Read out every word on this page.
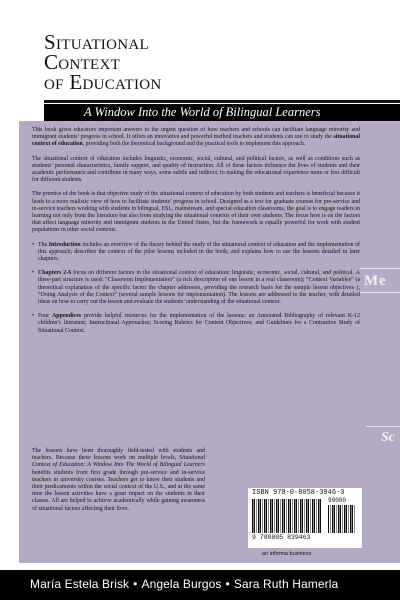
Situational
Context
of Education
A Window Into the World of Bilingual Learners
Me
Sc

This book gives educators important answers to the urgent question of how teachers and schools can facilitate language minority and immigrant students’ progress in school. It offers an innovative and powerful method teachers and students can use to study the situational context of education, providing both the theoretical background and the practical tools to implement this approach.

The situational context of education includes linguistic, economic, social, cultural, and political factors, as well as conditions such as students’ personal characteristics, family support, and quality of instruction. All of these factors influence the lives of students and their academic performance and contribute in many ways, some subtle and indirect, to making the educational experience more or less difficult for different students.

The premise of the book is that objective study of the situational context of education by both students and teachers is beneficial because it leads to a more realistic view of how to facilitate students’ progress in school. Designed as a text for graduate courses for pre-service and in-service teachers working with students in bilingual, ESL, mainstream, and special education classrooms, the goal is to engage readers in learning not only from the literature but also from studying the situational contexts of their own students. The focus here is on the factors that affect language minority and immigrant students in the United States, but the framework is equally powerful for work with student populations in other social contexts.

• The Introduction includes an overview of the theory behind the study of the situational context of education and the implementation of this approach; describes the context of the pilot lessons included in the book; and explains how to use the lessons detailed in later chapters.
• Chapters 2-6 focus on different factors in the situational context of education: linguistic, economic, social, cultural, and political. A three-part structure is used: “Classroom Implementation” (a rich description of one lesson in a real classroom); “Context Variables” (a theoretical explanation of the specific factor the chapter addresses, providing the research basis for the sample lesson objectives ); “Doing Analysis of the Context” (several sample lessons for implementation). The lessons are addressed to the teacher, with detailed ideas on how to carry out the lesson and evaluate the students’ understanding of the situational context.
• Four Appendices provide helpful resources for the implementation of the lessons: an Annotated Bibliography of relevant K-12 children’s literature; Instructional Approaches; Scoring Rubrics for Content Objectives; and Guidelines for a Contrastive Study of Situational Context.
The lessons have been thoroughly field-tested with students and teachers. Because these lessons work on multiple levels, Situational Context of Education: A Window Into The World of Bilingual Learners benefits students from first grade through pre-service and in-service teachers in university courses. Teachers get to know their students and their predicaments within the social context of the U.S., and at the same time the lesson activities have a great impact on the students in their classes. All are helped to achieve academically while gaining awareness of situational factors affecting their lives.
ISBN 978-0-8058-3946-3
90000
9 780805 839463
an informa business
María Estela Brisk • Angela Burgos • Sara Ruth Hamerla
